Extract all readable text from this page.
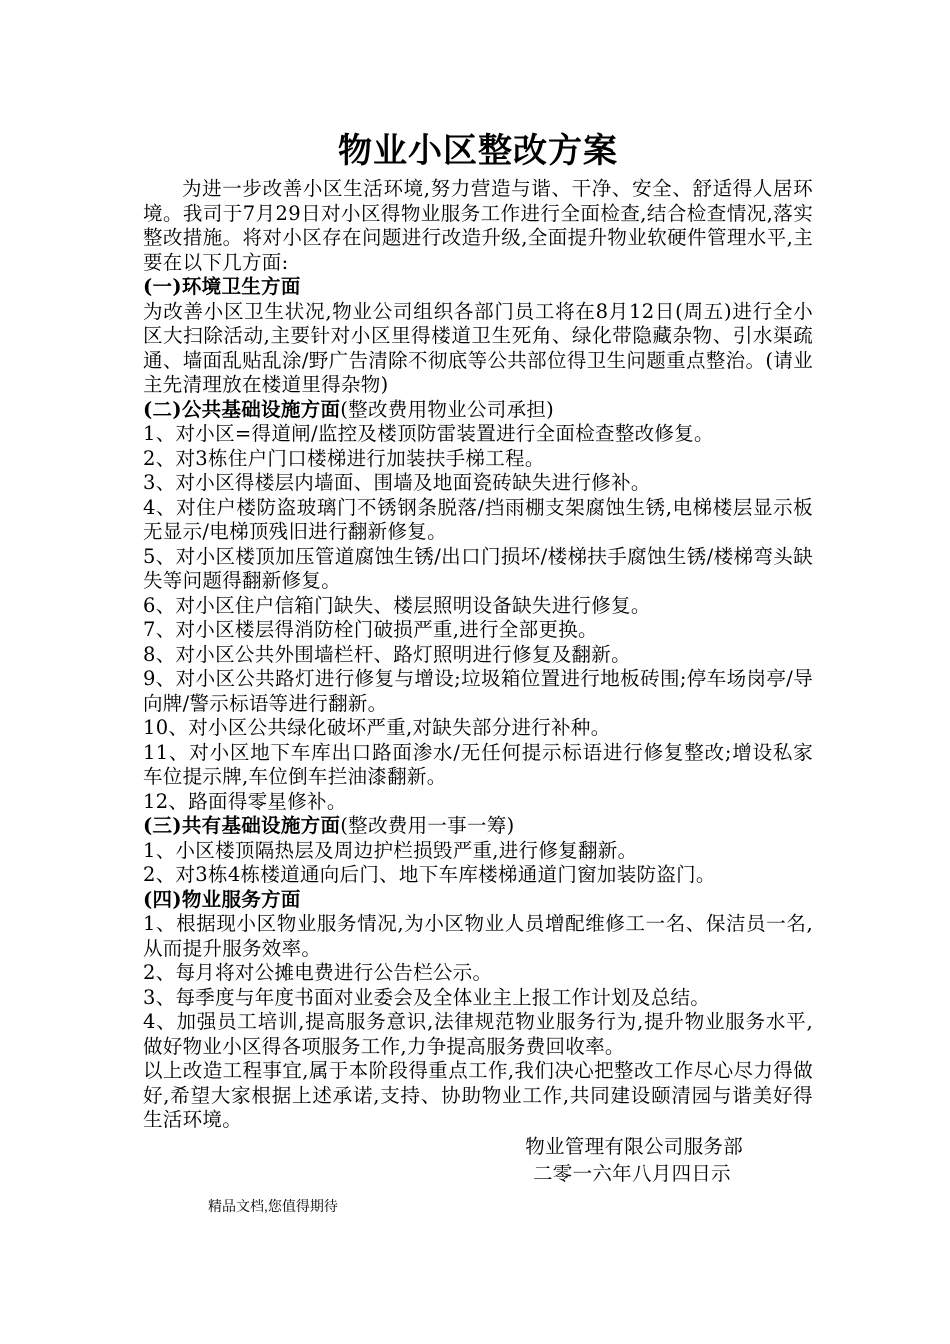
物业小区整改方案

为进一步改善小区生活环境,努力营造与谐、干净、安全、舒适得人居环境。我司于7月29日对小区得物业服务工作进行全面检查,结合检查情况,落实整改措施。将对小区存在问题进行改造升级,全面提升物业软硬件管理水平,主要在以下几方面:

(一)环境卫生方面

为改善小区卫生状况,物业公司组织各部门员工将在8月12日(周五)进行全小区大扫除活动,主要针对小区里得楼道卫生死角、绿化带隐藏杂物、引水渠疏通、墙面乱贴乱涂/野广告清除不彻底等公共部位得卫生问题重点整治。(请业主先清理放在楼道里得杂物)

(二)公共基础设施方面(整改费用物业公司承担)

1、对小区=得道闸/监控及楼顶防雷装置进行全面检查整改修复。

2、对3栋住户门口楼梯进行加装扶手梯工程。

3、对小区得楼层内墙面、围墙及地面瓷砖缺失进行修补。

4、对住户楼防盗玻璃门不锈钢条脱落/挡雨棚支架腐蚀生锈,电梯楼层显示板无显示/电梯顶残旧进行翻新修复。

5、对小区楼顶加压管道腐蚀生锈/出口门损坏/楼梯扶手腐蚀生锈/楼梯弯头缺失等问题得翻新修复。

6、对小区住户信箱门缺失、楼层照明设备缺失进行修复。

7、对小区楼层得消防栓门破损严重,进行全部更换。

8、对小区公共外围墙栏杆、路灯照明进行修复及翻新。

9、对小区公共路灯进行修复与增设;垃圾箱位置进行地板砖围;停车场岗亭/导向牌/警示标语等进行翻新。

10、对小区公共绿化破坏严重,对缺失部分进行补种。

11、对小区地下车库出口路面渗水/无任何提示标语进行修复整改;增设私家车位提示牌,车位倒车拦油漆翻新。

12、路面得零星修补。

(三)共有基础设施方面(整改费用一事一筹)

1、小区楼顶隔热层及周边护栏损毁严重,进行修复翻新。

2、对3栋4栋楼道通向后门、地下车库楼梯通道门窗加装防盗门。

(四)物业服务方面

1、根据现小区物业服务情况,为小区物业人员增配维修工一名、保洁员一名,从而提升服务效率。

2、每月将对公摊电费进行公告栏公示。

3、每季度与年度书面对业委会及全体业主上报工作计划及总结。

4、加强员工培训,提高服务意识,法律规范物业服务行为,提升物业服务水平,做好物业小区得各项服务工作,力争提高服务费回收率。

以上改造工程事宜,属于本阶段得重点工作,我们决心把整改工作尽心尽力得做好,希望大家根据上述承诺,支持、协助物业工作,共同建设颐清园与谐美好得生活环境。

物业管理有限公司服务部

二零一六年八月四日示

精品文档,您值得期待
